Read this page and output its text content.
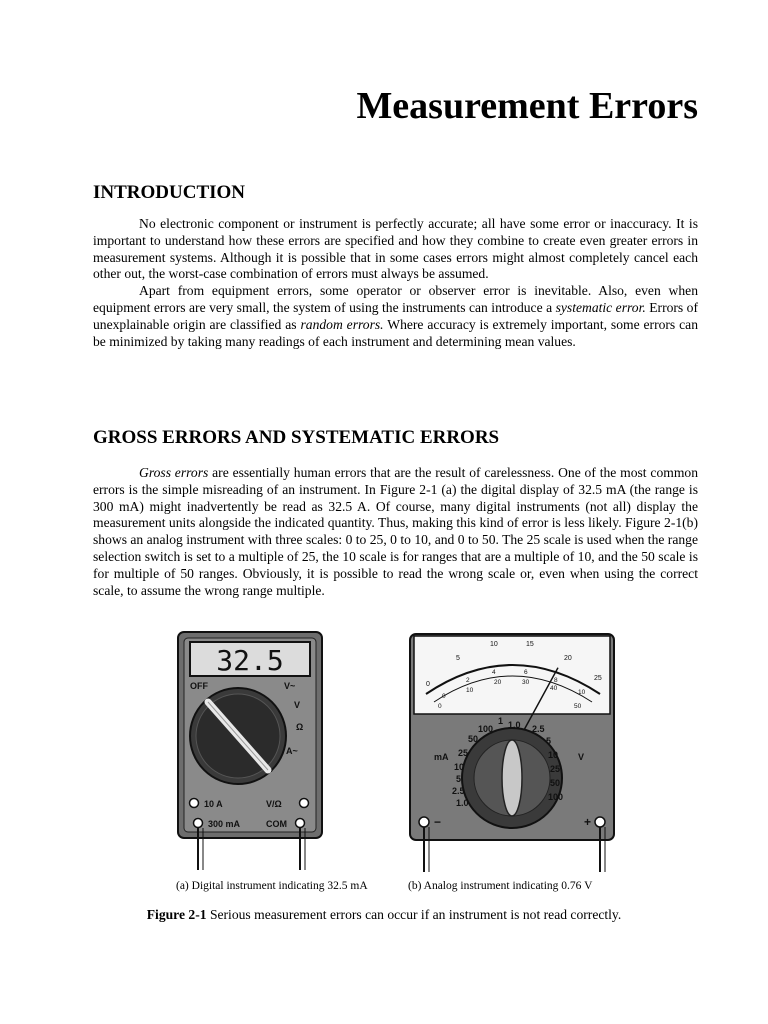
Measurement Errors
INTRODUCTION

No electronic component or instrument is perfectly accurate; all have some error or inaccuracy. It is important to understand how these errors are specified and how they combine to create even greater errors in measurement systems. Although it is possible that in some cases errors might almost completely cancel each other out, the worst-case combination of errors must always be assumed.

Apart from equipment errors, some operator or observer error is inevitable. Also, even when equipment errors are very small, the system of using the instruments can introduce a systematic error. Errors of unexplainable origin are classified as random errors. Where accuracy is extremely important, some errors can be minimized by taking many readings of each instrument and determining mean values.

GROSS ERRORS AND SYSTEMATIC ERRORS

Gross errors are essentially human errors that are the result of carelessness. One of the most common errors is the simple misreading of an instrument. In Figure 2-1 (a) the digital display of 32.5 mA (the range is 300 mA) might inadvertently be read as 32.5 A. Of course, many digital instruments (not all) display the measurement units alongside the indicated quantity. Thus, making this kind of error is less likely. Figure 2-1(b) shows an analog instrument with three scales: 0 to 25, 0 to 10, and 0 to 50. The 25 scale is used when the range selection switch is set to a multiple of 25, the 10 scale is for ranges that are a multiple of 10, and the 50 scale is for multiple of 50 ranges. Obviously, it is possible to read the wrong scale or, even when using the correct scale, to assume the wrong range multiple.

32.5
OFF	V~
V
Ω
A~
10 A	V/Ω
300 mA	COM
0
5
10	15
20
25
0
2
4	6
8
10
0
10
20	30
40
50
1 1.0
100	2.5
50
25
10
5
2.5
1.0
5
10
25
50
100
mA	V
−	+
(a) Digital instrument indicating 32.5 mA	(b) Analog instrument indicating 0.76 V
Figure 2-1 Serious measurement errors can occur if an instrument is not read correctly.
